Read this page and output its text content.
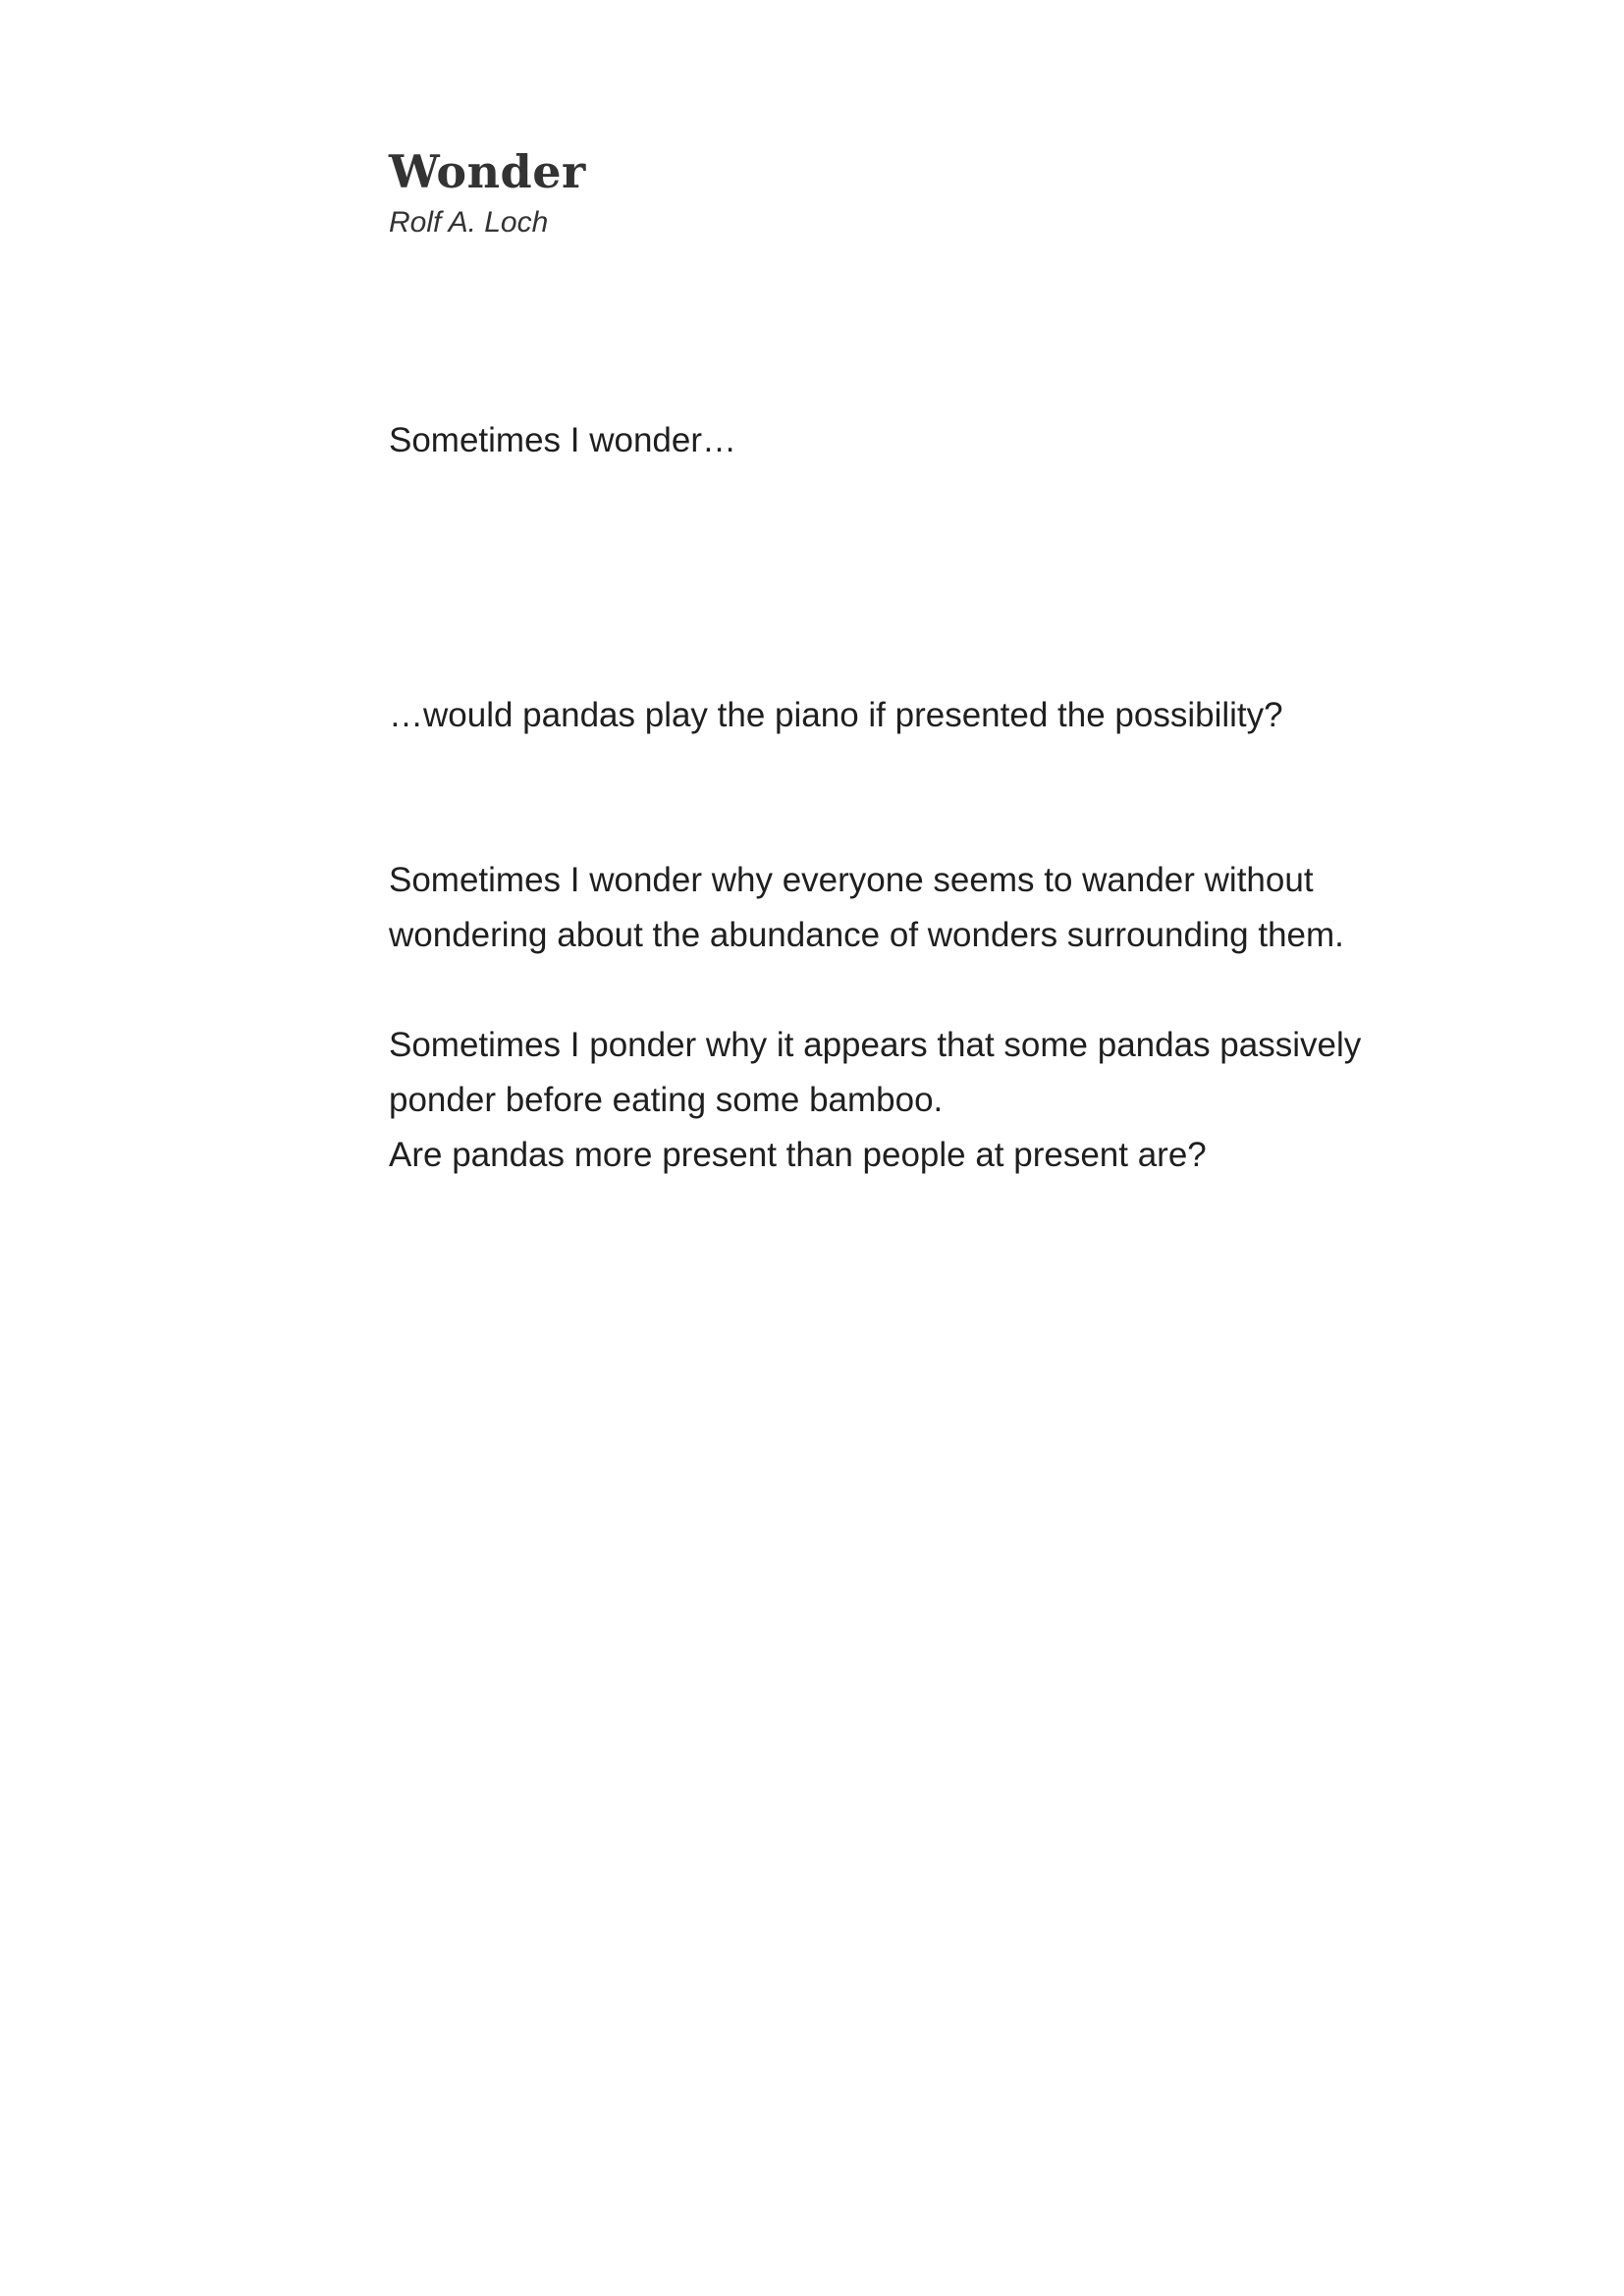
Wonder
Rolf A. Loch

Sometimes I wonder…

…would pandas play the piano if presented the possibility?

Sometimes I wonder why everyone seems to wander without
wondering about the abundance of wonders surrounding them.

Sometimes I ponder why it appears that some pandas passively
ponder before eating some bamboo.
Are pandas more present than people at present are?
